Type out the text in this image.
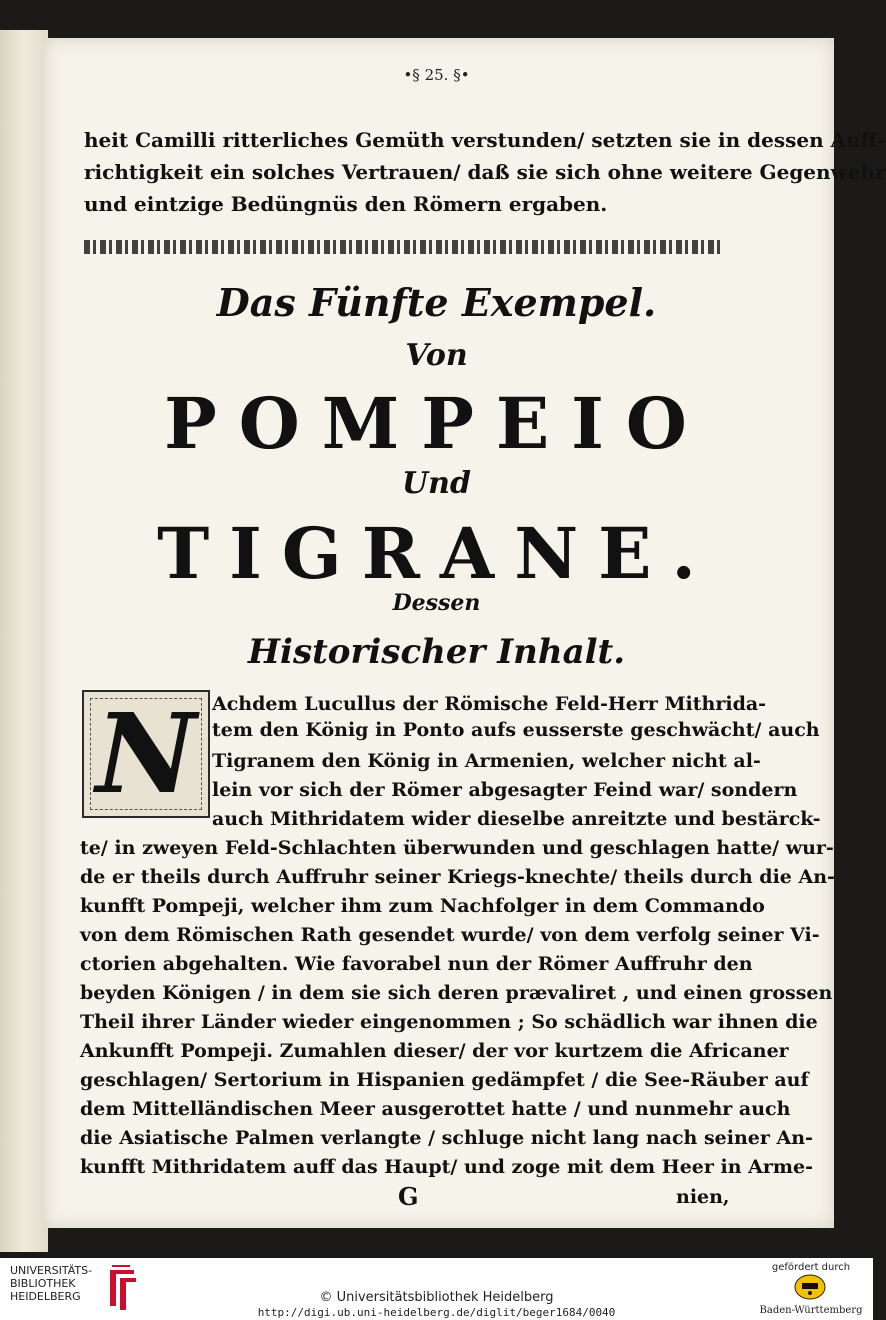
•§ 25. §•
heit Camilli ritterliches Gemüth verstunden/ setzten sie in dessen Auff-
richtigkeit ein solches Vertrauen/ daß sie sich ohne weitere Gegenwehr
und eintzige Bedüngnüs den Römern ergaben.
Das Fünfte Exempel.
Von
POMPEIO
Und
TIGRANE.
Dessen
Historischer Inhalt.
N Achdem Lucullus der Römische Feld-Herr Mithrida-
tem den König in Ponto aufs eusserste geschwächt/ auch
Tigranem den König in Armenien, welcher nicht al-
lein vor sich der Römer abgesagter Feind war/ sondern
auch Mithridatem wider dieselbe anreitzte und bestärck-
te/ in zweyen Feld-Schlachten überwunden und geschlagen hatte/ wur-
de er theils durch Auffruhr seiner Kriegs-knechte/ theils durch die An-
kunfft Pompeji, welcher ihm zum Nachfolger in dem Commando
von dem Römischen Rath gesendet wurde/ von dem verfolg seiner Vi-
ctorien abgehalten. Wie favorabel nun der Römer Auffruhr den
beyden Königen / in dem sie sich deren prævaliret , und einen grossen
Theil ihrer Länder wieder eingenommen ; So schädlich war ihnen die
Ankunfft Pompeji. Zumahlen dieser/ der vor kurtzem die Africaner
geschlagen/ Sertorium in Hispanien gedämpfet / die See-Räuber auf
dem Mittelländischen Meer ausgerottet hatte / und nunmehr auch
die Asiatische Palmen verlangte / schluge nicht lang nach seiner An-
kunfft Mithridatem auff das Haupt/ und zoge mit dem Heer in Arme-
G	nien,
UNIVERSITÄTS-
BIBLIOTHEK
HEIDELBERG	© Universitätsbibliothek Heidelberg
http://digi.ub.uni-heidelberg.de/diglit/beger1684/0040
gefördert durch
Baden-Württemberg
